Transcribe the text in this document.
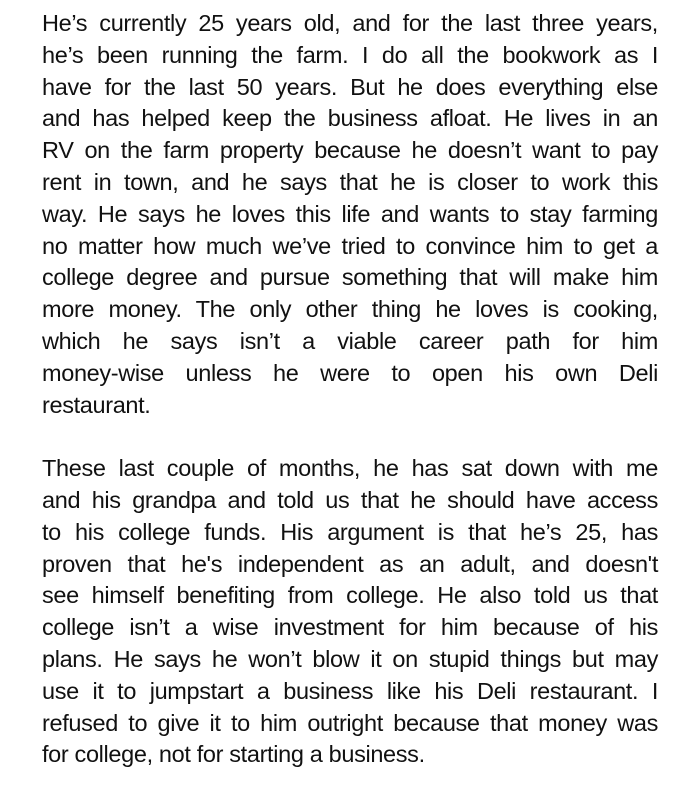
He’s currently 25 years old, and for the last three years,
he’s been running the farm. I do all the bookwork as I
have for the last 50 years. But he does everything else
and has helped keep the business afloat. He lives in an
RV on the farm property because he doesn’t want to pay
rent in town, and he says that he is closer to work this
way. He says he loves this life and wants to stay farming
no matter how much we’ve tried to convince him to get a
college degree and pursue something that will make him
more money. The only other thing he loves is cooking,
which he says isn’t a viable career path for him
money-wise unless he were to open his own Deli
restaurant.
These last couple of months, he has sat down with me
and his grandpa and told us that he should have access
to his college funds. His argument is that he’s 25, has
proven that he's independent as an adult, and doesn't
see himself benefiting from college. He also told us that
college isn’t a wise investment for him because of his
plans. He says he won’t blow it on stupid things but may
use it to jumpstart a business like his Deli restaurant. I
refused to give it to him outright because that money was
for college, not for starting a business.
